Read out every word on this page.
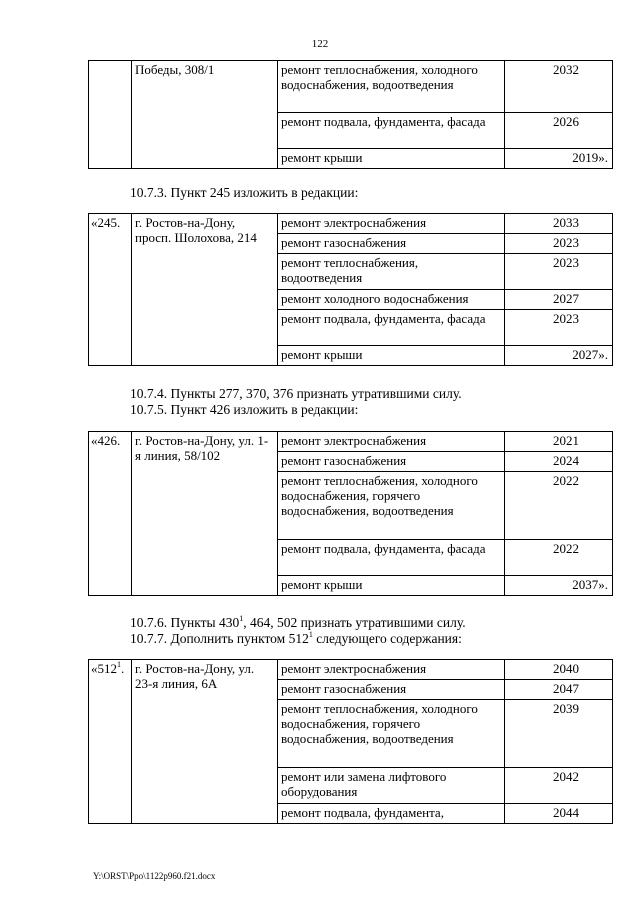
122
	Победы, 308/1	ремонт теплоснабжения, холодного водоснабжения, водоотведения	2032
		ремонт подвала, фундамента, фасада	2026
		ремонт крыши	2019».
10.7.3. Пункт 245 изложить в редакции:
«245.	г. Ростов-на-Дону, просп. Шолохова, 214	ремонт электроснабжения	2033
		ремонт газоснабжения	2023
		ремонт теплоснабжения, водоотведения	2023
		ремонт холодного водоснабжения	2027
		ремонт подвала, фундамента, фасада	2023
		ремонт крыши	2027».
10.7.4. Пункты 277, 370, 376 признать утратившими силу.
10.7.5. Пункт 426 изложить в редакции:
«426.	г. Ростов-на-Дону, ул. 1-я линия, 58/102	ремонт электроснабжения	2021
		ремонт газоснабжения	2024
		ремонт теплоснабжения, холодного водоснабжения, горячего водоснабжения, водоотведения	2022
		ремонт подвала, фундамента, фасада	2022
		ремонт крыши	2037».
10.7.6. Пункты $430^1$, 464, 502 признать утратившими силу.
10.7.7. Дополнить пунктом $512^1$ следующего содержания:
«$512^1$.	г. Ростов-на-Дону, ул. 23-я линия, 6А	ремонт электроснабжения	2040
		ремонт газоснабжения	2047
		ремонт теплоснабжения, холодного водоснабжения, горячего водоснабжения, водоотведения	2039
		ремонт или замена лифтового оборудования	2042
		ремонт подвала, фундамента,	2044
Y:\ORST\Ppo\1122p960.f21.docx
